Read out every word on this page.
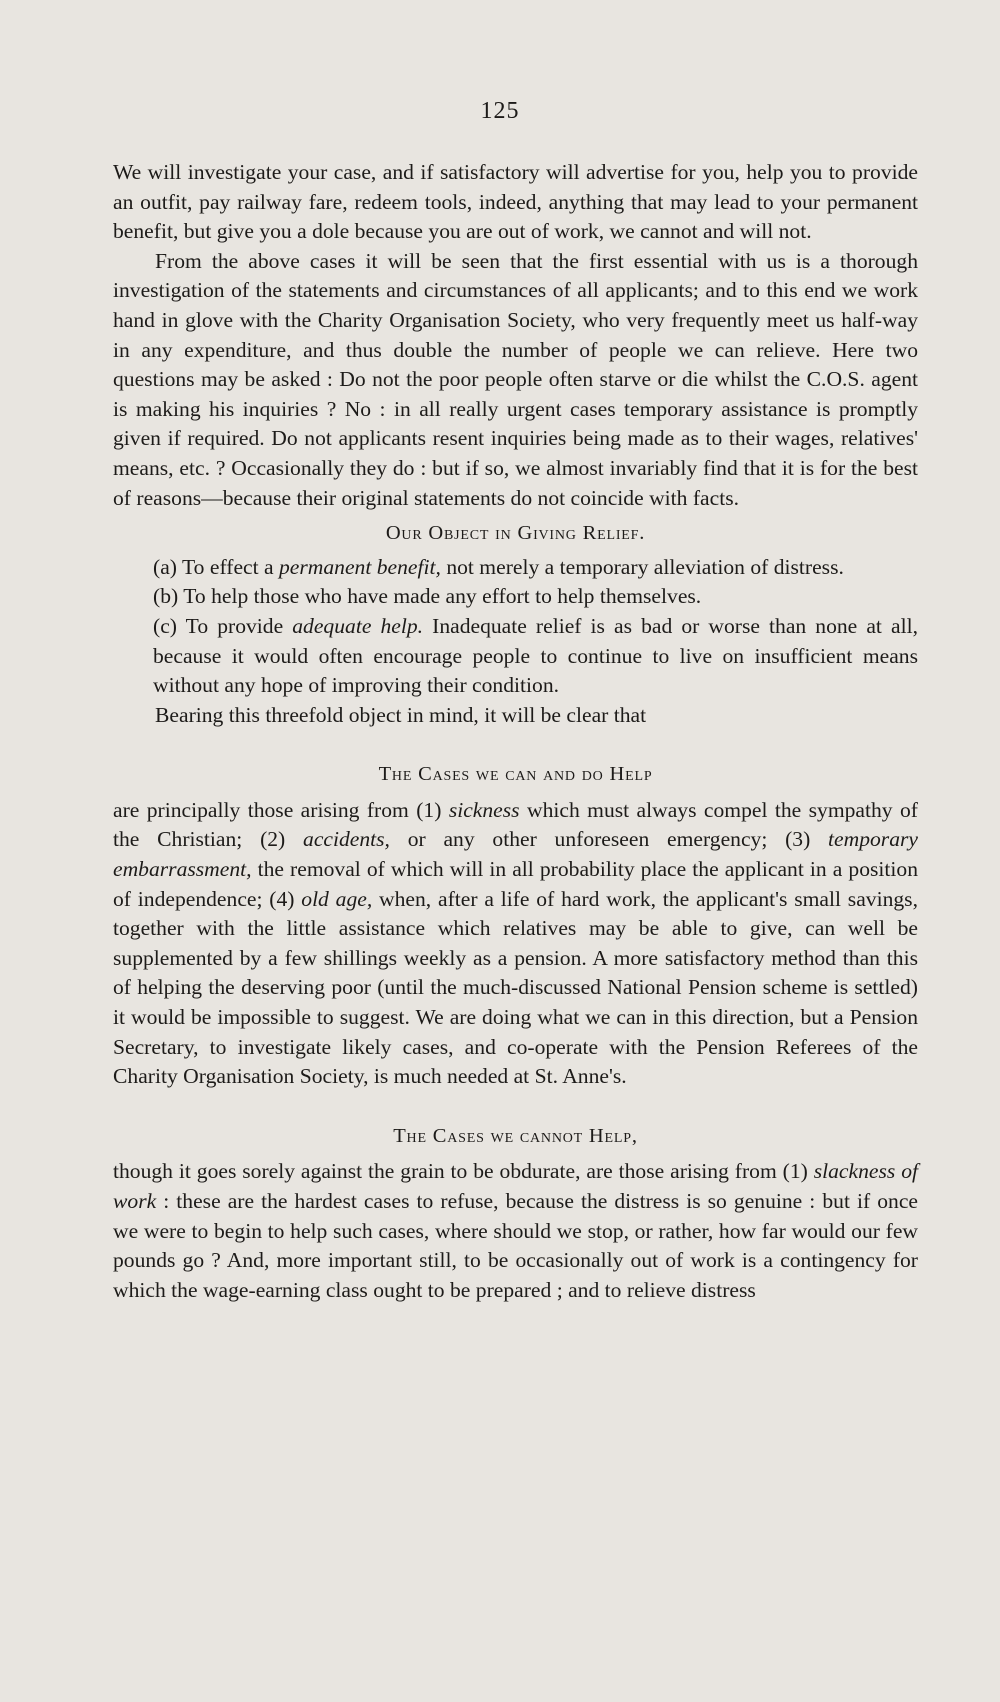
125

We will investigate your case, and if satisfactory will advertise for you, help you to provide an outfit, pay railway fare, redeem tools, indeed, anything that may lead to your permanent benefit, but give you a dole because you are out of work, we cannot and will not.

From the above cases it will be seen that the first essential with us is a thorough investigation of the statements and circumstances of all applicants; and to this end we work hand in glove with the Charity Organisation Society, who very frequently meet us half-way in any expenditure, and thus double the number of people we can relieve. Here two questions may be asked : Do not the poor people often starve or die whilst the C.O.S. agent is making his inquiries ? No : in all really urgent cases temporary assistance is promptly given if required. Do not applicants resent inquiries being made as to their wages, relatives' means, etc. ? Occasionally they do : but if so, we almost invariably find that it is for the best of reasons—because their original statements do not coincide with facts.

Our Object in Giving Relief.

(a) To effect a permanent benefit, not merely a temporary alleviation of distress.

(b) To help those who have made any effort to help themselves.

(c) To provide adequate help. Inadequate relief is as bad or worse than none at all, because it would often encourage people to continue to live on insufficient means without any hope of improving their condition.

Bearing this threefold object in mind, it will be clear that

The Cases we can and do Help

are principally those arising from (1) sickness which must always compel the sympathy of the Christian; (2) accidents, or any other unforeseen emergency; (3) temporary embarrassment, the removal of which will in all probability place the applicant in a position of independence; (4) old age, when, after a life of hard work, the applicant's small savings, together with the little assistance which relatives may be able to give, can well be supplemented by a few shillings weekly as a pension. A more satisfactory method than this of helping the deserving poor (until the much-discussed National Pension scheme is settled) it would be impossible to suggest. We are doing what we can in this direction, but a Pension Secretary, to investigate likely cases, and co-operate with the Pension Referees of the Charity Organisation Society, is much needed at St. Anne's.

The Cases we cannot Help,

though it goes sorely against the grain to be obdurate, are those arising from (1) slackness of work : these are the hardest cases to refuse, because the distress is so genuine : but if once we were to begin to help such cases, where should we stop, or rather, how far would our few pounds go ? And, more important still, to be occasionally out of work is a contingency for which the wage-earning class ought to be prepared ; and to relieve distress
